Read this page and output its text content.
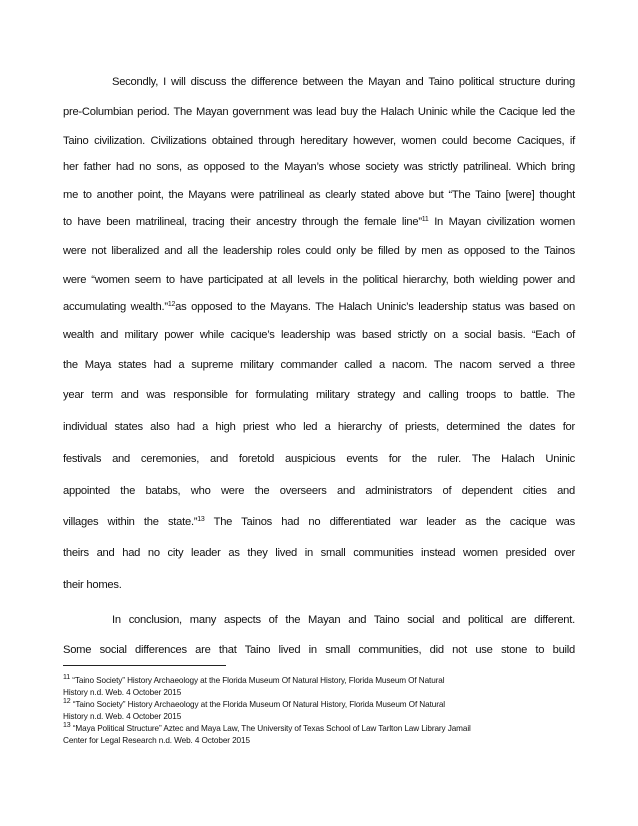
Secondly, I will discuss the difference between the Mayan and Taino political structure during
pre-Columbian period. The Mayan government was lead buy the Halach Uninic while the Cacique led the
Taino civilization. Civilizations obtained through hereditary however, women could become Caciques, if
her father had no sons, as opposed to the Mayan’s whose society was strictly patrilineal. Which bring
me to another point, the Mayans were patrilineal as clearly stated above but “The Taino [were] thought
to have been matrilineal, tracing their ancestry through the female line”$^{11}$ In Mayan civilization women
were not liberalized and all the leadership roles could only be filled by men as opposed to the Tainos
were “women seem to have participated at all levels in the political hierarchy, both wielding power and
accumulating wealth.”$^{12}$as opposed to the Mayans. The Halach Uninic’s leadership status was based on
wealth and military power while cacique’s leadership was based strictly on a social basis. “Each of
the Maya states had a supreme military commander called a nacom. The nacom served a three
year term and was responsible for formulating military strategy and calling troops to battle. The
individual states also had a high priest who led a hierarchy of priests, determined the dates for
festivals and ceremonies, and foretold auspicious events for the ruler. The Halach Uninic
appointed the batabs, who were the overseers and administrators of dependent cities and
villages within the state.”$^{13}$ The Tainos had no differentiated war leader as the cacique was
theirs and had no city leader as they lived in small communities instead women presided over
their homes.
In conclusion, many aspects of the Mayan and Taino social and political are different.
Some social differences are that Taino lived in small communities, did not use stone to build
$^{11}$ “Taino Society” History Archaeology at the Florida Museum Of Natural History, Florida Museum Of Natural
History n.d. Web. 4 October 2015
$^{12}$ “Taino Society” History Archaeology at the Florida Museum Of Natural History, Florida Museum Of Natural
History n.d. Web. 4 October 2015
$^{13}$ “Maya Political Structure” Aztec and Maya Law, The University of Texas School of Law Tarlton Law Library Jamail
Center for Legal Research n.d. Web. 4 October 2015
